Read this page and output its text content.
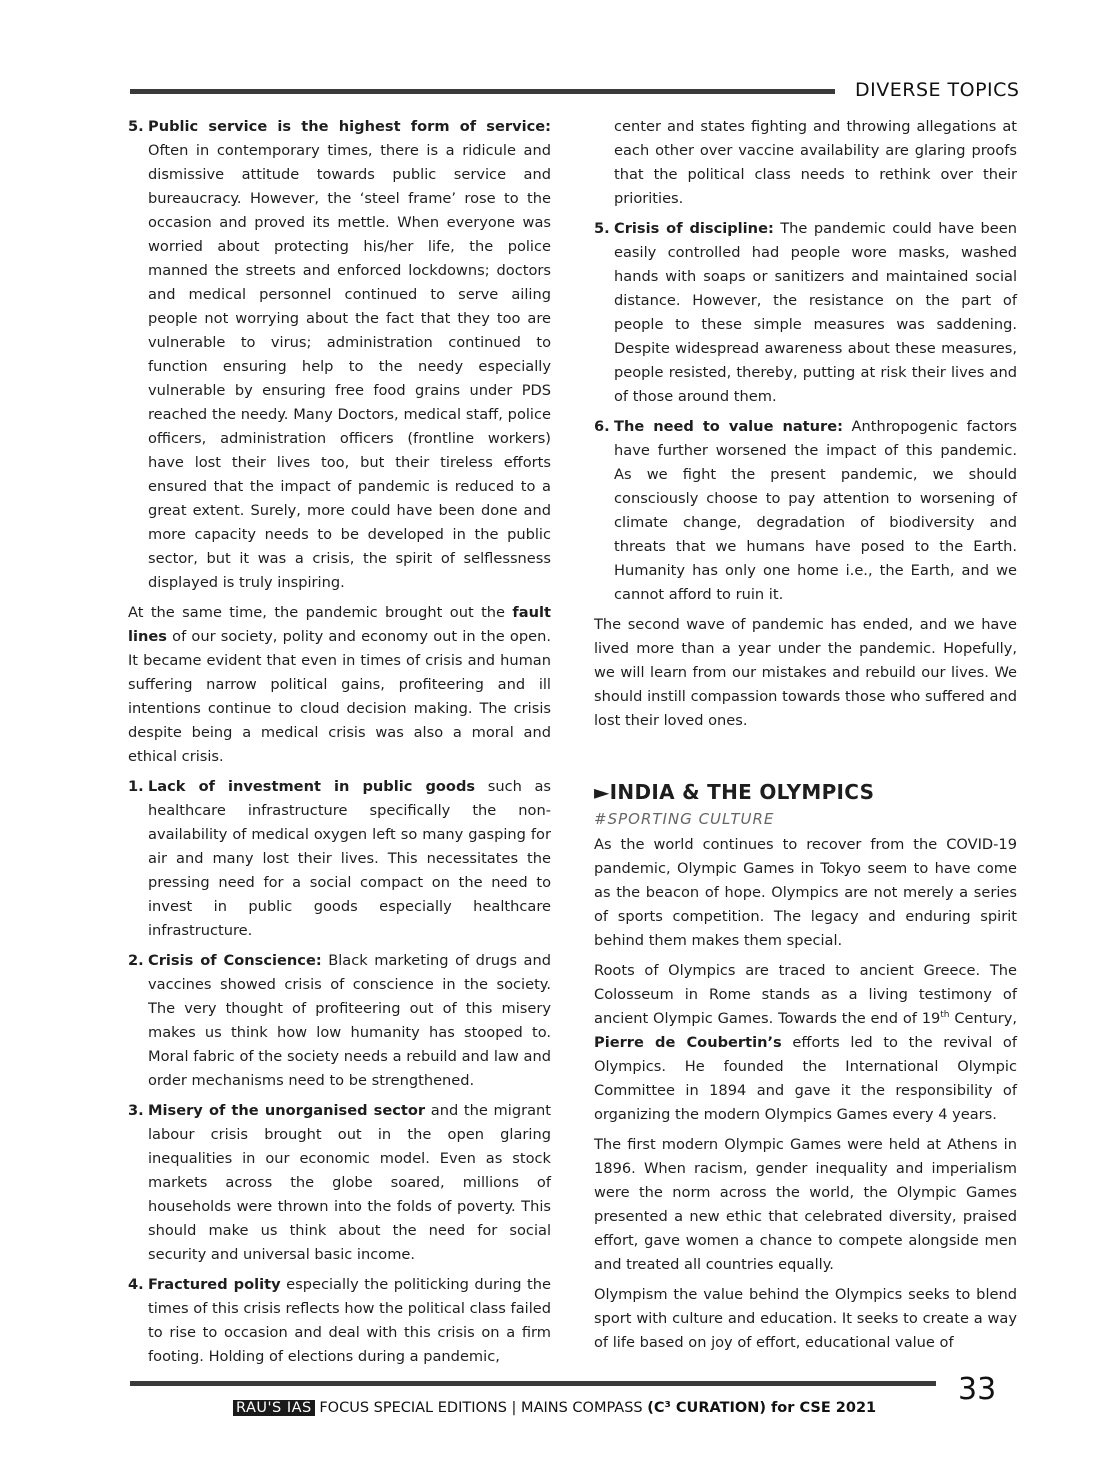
DIVERSE TOPICS
5. Public service is the highest form of service: Often in contemporary times, there is a ridicule and dismissive attitude towards public service and bureaucracy. However, the ‘steel frame’ rose to the occasion and proved its mettle. When everyone was worried about protecting his/her life, the police manned the streets and enforced lockdowns; doctors and medical personnel continued to serve ailing people not worrying about the fact that they too are vulnerable to virus; administration continued to function ensuring help to the needy especially vulnerable by ensuring free food grains under PDS reached the needy. Many Doctors, medical staff, police officers, administration officers (frontline workers) have lost their lives too, but their tireless efforts ensured that the impact of pandemic is reduced to a great extent. Surely, more could have been done and more capacity needs to be developed in the public sector, but it was a crisis, the spirit of selflessness displayed is truly inspiring.

At the same time, the pandemic brought out the fault lines of our society, polity and economy out in the open. It became evident that even in times of crisis and human suffering narrow political gains, profiteering and ill intentions continue to cloud decision making. The crisis despite being a medical crisis was also a moral and ethical crisis.

1. Lack of investment in public goods such as healthcare infrastructure specifically the non-availability of medical oxygen left so many gasping for air and many lost their lives. This necessitates the pressing need for a social compact on the need to invest in public goods especially healthcare infrastructure.
2. Crisis of Conscience: Black marketing of drugs and vaccines showed crisis of conscience in the society. The very thought of profiteering out of this misery makes us think how low humanity has stooped to. Moral fabric of the society needs a rebuild and law and order mechanisms need to be strengthened.
3. Misery of the unorganised sector and the migrant labour crisis brought out in the open glaring inequalities in our economic model. Even as stock markets across the globe soared, millions of households were thrown into the folds of poverty. This should make us think about the need for social security and universal basic income.
4. Fractured polity especially the politicking during the times of this crisis reflects how the political class failed to rise to occasion and deal with this crisis on a firm footing. Holding of elections during a pandemic,
center and states fighting and throwing allegations at each other over vaccine availability are glaring proofs that the political class needs to rethink over their priorities.
5. Crisis of discipline: The pandemic could have been easily controlled had people wore masks, washed hands with soaps or sanitizers and maintained social distance. However, the resistance on the part of people to these simple measures was saddening. Despite widespread awareness about these measures, people resisted, thereby, putting at risk their lives and of those around them.
6. The need to value nature: Anthropogenic factors have further worsened the impact of this pandemic. As we fight the present pandemic, we should consciously choose to pay attention to worsening of climate change, degradation of biodiversity and threats that we humans have posed to the Earth. Humanity has only one home i.e., the Earth, and we cannot afford to ruin it.

The second wave of pandemic has ended, and we have lived more than a year under the pandemic. Hopefully, we will learn from our mistakes and rebuild our lives. We should instill compassion towards those who suffered and lost their loved ones.

►INDIA & THE OLYMPICS
#SPORTING CULTURE

As the world continues to recover from the COVID-19 pandemic, Olympic Games in Tokyo seem to have come as the beacon of hope. Olympics are not merely a series of sports competition. The legacy and enduring spirit behind them makes them special.

Roots of Olympics are traced to ancient Greece. The Colosseum in Rome stands as a living testimony of ancient Olympic Games. Towards the end of 19th Century, Pierre de Coubertin’s efforts led to the revival of Olympics. He founded the International Olympic Committee in 1894 and gave it the responsibility of organizing the modern Olympics Games every 4 years.

The first modern Olympic Games were held at Athens in 1896. When racism, gender inequality and imperialism were the norm across the world, the Olympic Games presented a new ethic that celebrated diversity, praised effort, gave women a chance to compete alongside men and treated all countries equally.

Olympism the value behind the Olympics seeks to blend sport with culture and education. It seeks to create a way of life based on joy of effort, educational value of

33
RAU'S IAS FOCUS SPECIAL EDITIONS | MAINS COMPASS (C³ CURATION) for CSE 2021
